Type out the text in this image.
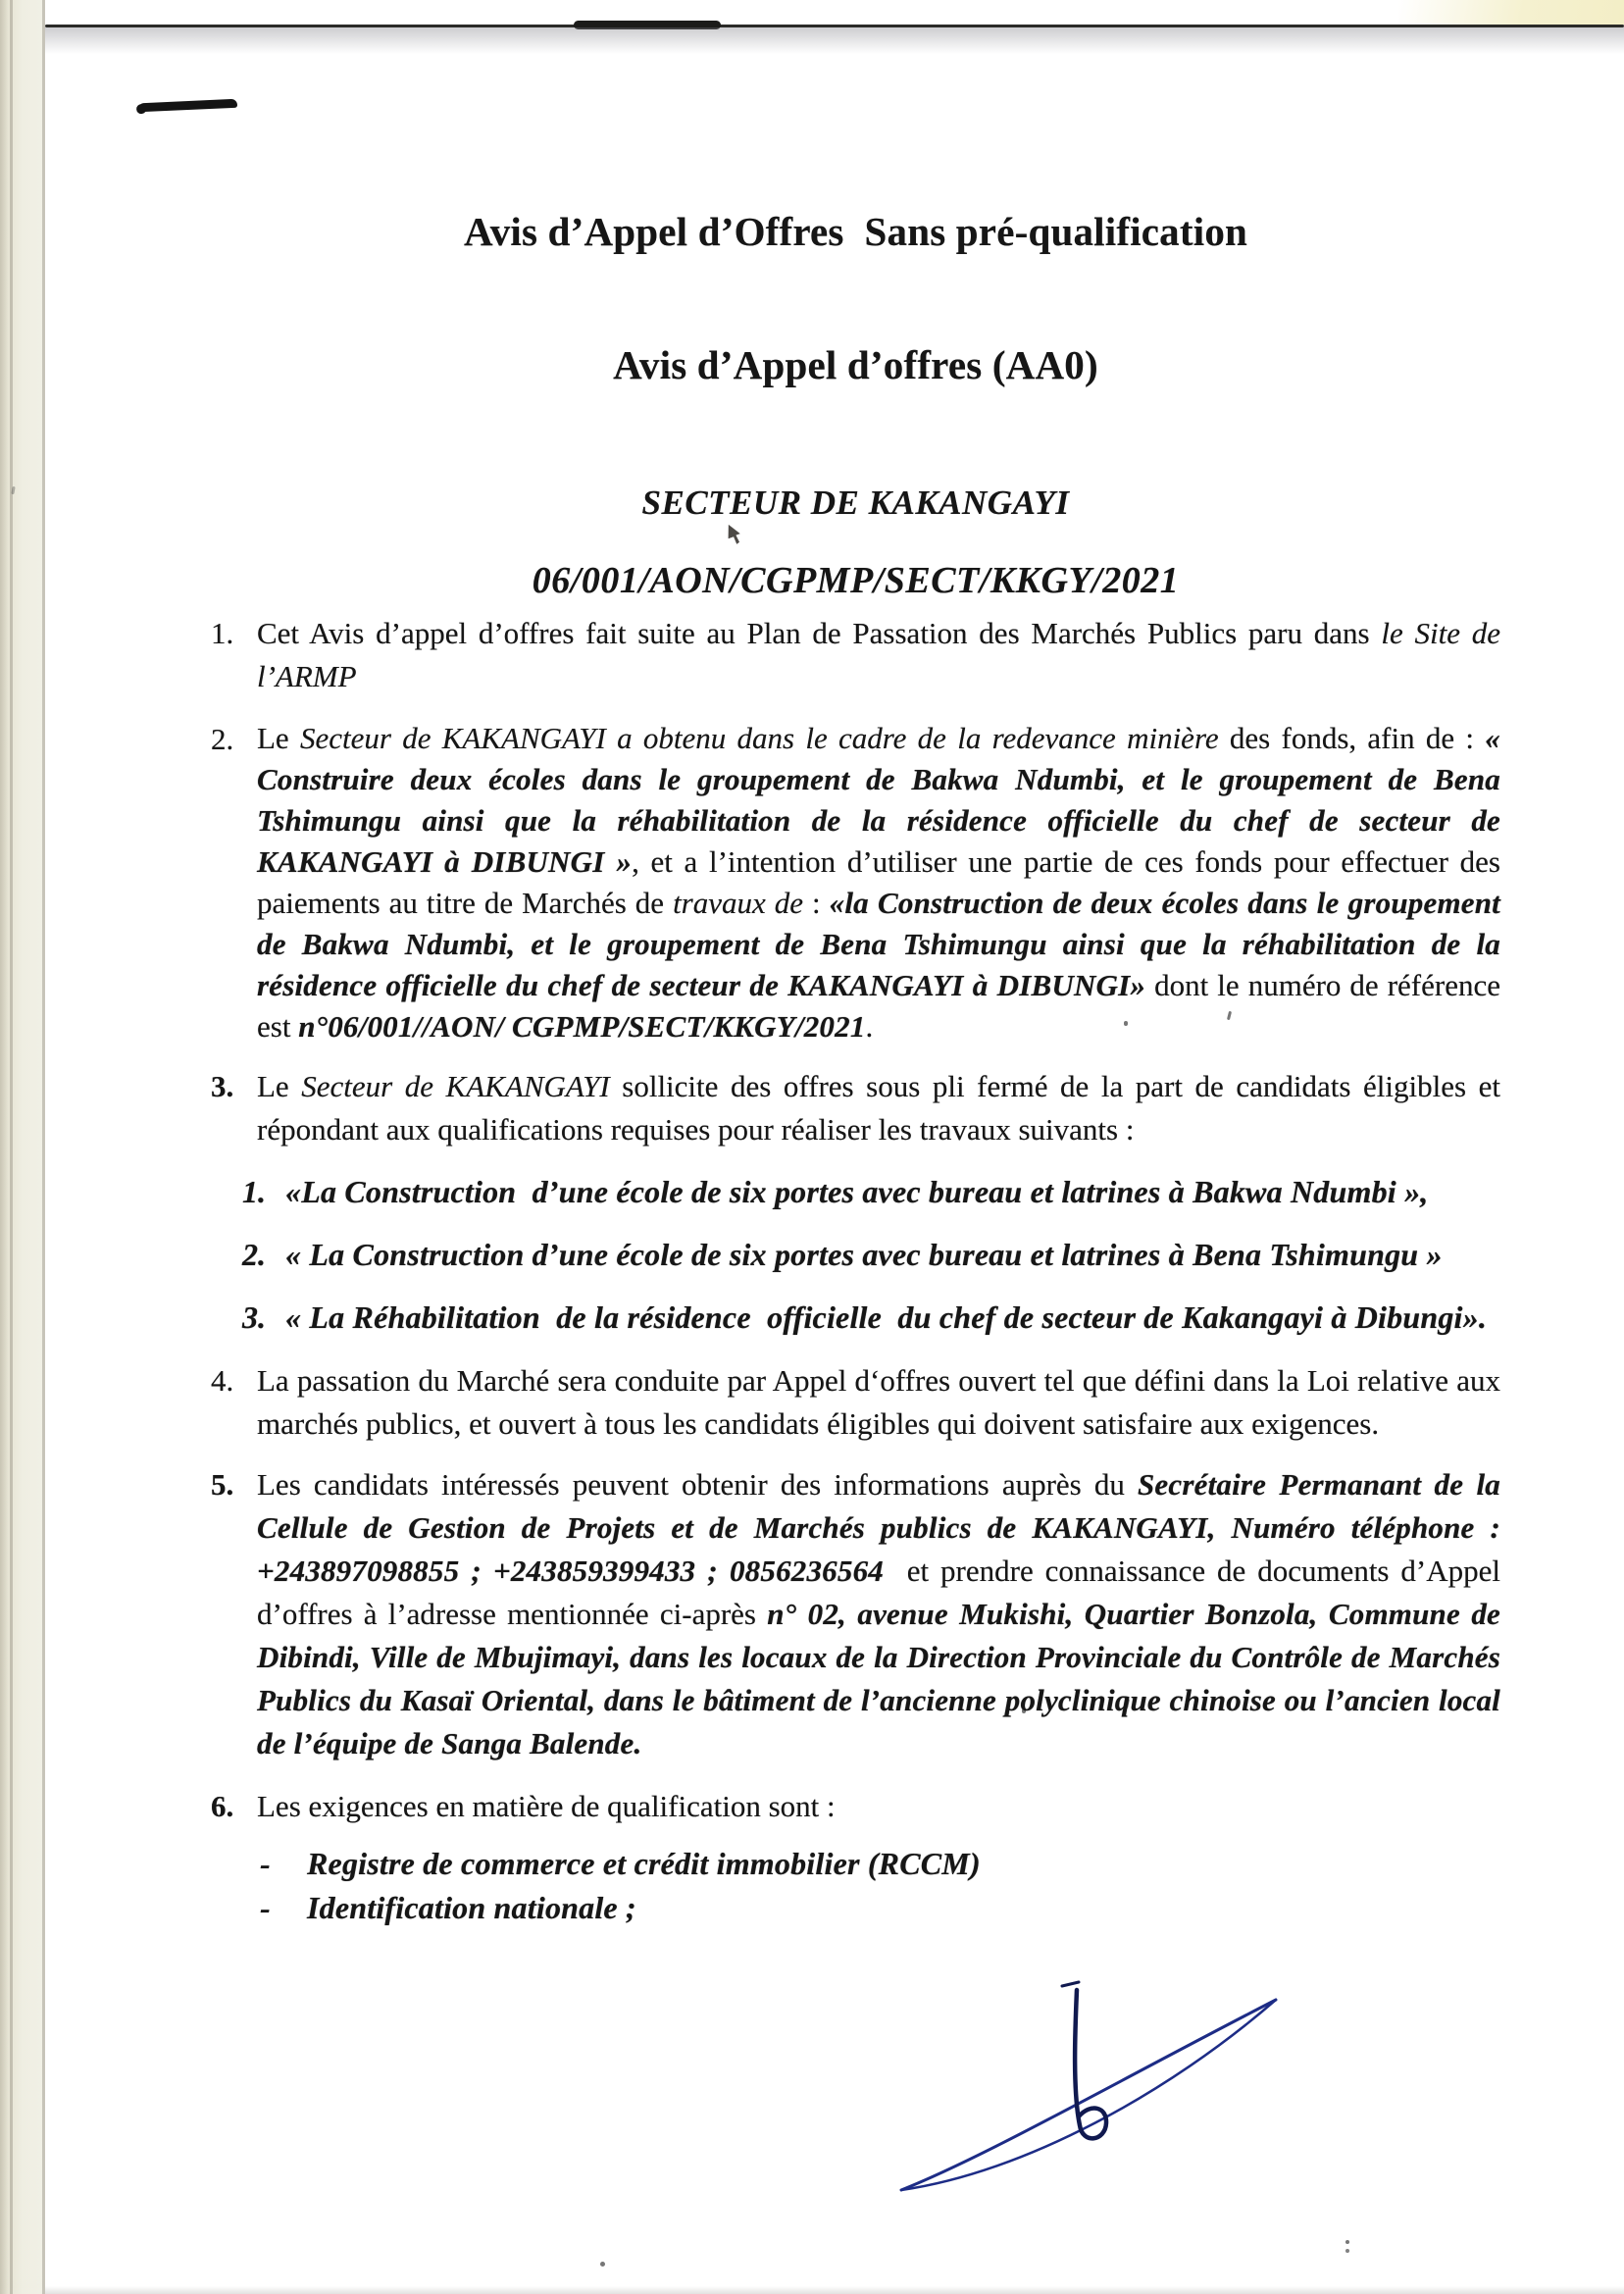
Avis d’Appel d’Offres  Sans pré-qualification
Avis d’Appel d’offres (AA0)
SECTEUR DE KAKANGAYI
06/001/AON/CGPMP/SECT/KKGY/2021
1. Cet Avis d’appel d’offres fait suite au Plan de Passation des Marchés Publics paru dans le Site de l’ARMP
2. Le Secteur de KAKANGAYI a obtenu dans le cadre de la redevance minière des fonds, afin de : « Construire deux écoles dans le groupement de Bakwa Ndumbi, et le groupement de Bena Tshimungu ainsi que la réhabilitation de la résidence officielle du chef de secteur de KAKANGAYI à DIBUNGI », et a l’intention d’utiliser une partie de ces fonds pour effectuer des paiements au titre de Marchés de travaux de : «la Construction de deux écoles dans le groupement de Bakwa Ndumbi, et le groupement de Bena Tshimungu ainsi que la réhabilitation de la résidence officielle du chef de secteur de KAKANGAYI à DIBUNGI» dont le numéro de référence est n°06/001//AON/ CGPMP/SECT/KKGY/2021.
3. Le Secteur de KAKANGAYI sollicite des offres sous pli fermé de la part de candidats éligibles et répondant aux qualifications requises pour réaliser les travaux suivants :
1. «La Construction  d’une école de six portes avec bureau et latrines à Bakwa Ndumbi »,
2. « La Construction d’une école de six portes avec bureau et latrines à Bena Tshimungu »
3. « La Réhabilitation  de la résidence  officielle  du chef de secteur de Kakangayi à Dibungi».
4. La passation du Marché sera conduite par Appel d‘offres ouvert tel que défini dans la Loi relative aux marchés publics, et ouvert à tous les candidats éligibles qui doivent satisfaire aux exigences.
5. Les candidats intéressés peuvent obtenir des informations auprès du Secrétaire Permanant de la Cellule de Gestion de Projets et de Marchés publics de KAKANGAYI, Numéro téléphone : +243897098855 ; +243859399433 ; 0856236564  et prendre connaissance de documents d’Appel d’offres à l’adresse mentionnée ci-après n° 02, avenue Mukishi, Quartier Bonzola, Commune de Dibindi, Ville de Mbujimayi, dans les locaux de la Direction Provinciale du Contrôle de Marchés Publics du Kasaï Oriental, dans le bâtiment de l’ancienne polyclinique chinoise ou l’ancien local de l’équipe de Sanga Balende.
6. Les exigences en matière de qualification sont :
-	Registre de commerce et crédit immobilier (RCCM)
-	Identification nationale ;
